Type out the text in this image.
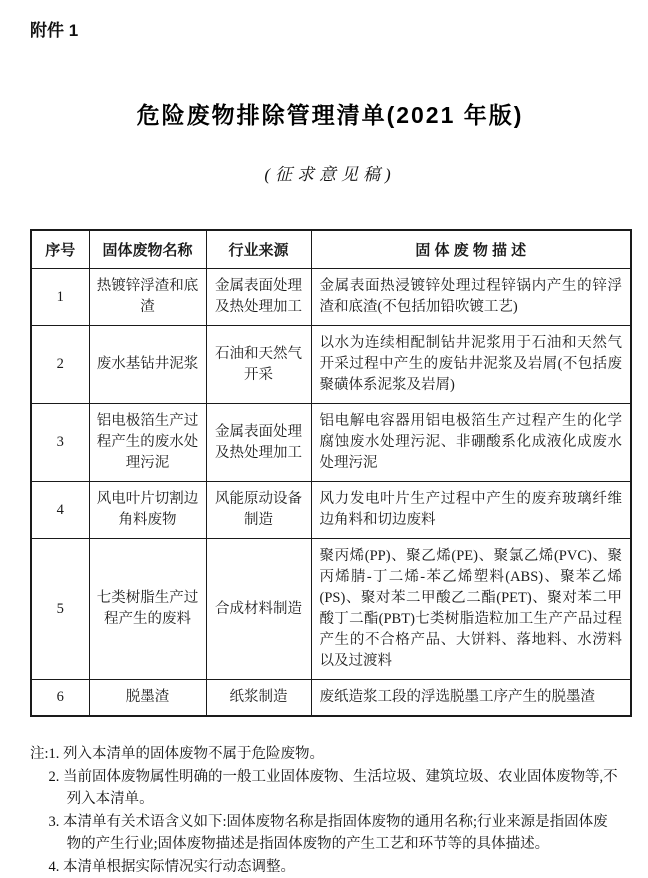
附件 1
危险废物排除管理清单(2021 年版)
(征求意见稿)
序号	固体废物名称	行业来源	固 体 废 物 描 述
1	热镀锌浮渣和底渣	金属表面处理及热处理加工	金属表面热浸镀锌处理过程锌锅内产生的锌浮渣和底渣(不包括加铅吹镀工艺)
2	废水基钻井泥浆	石油和天然气开采	以水为连续相配制钻井泥浆用于石油和天然气开采过程中产生的废钻井泥浆及岩屑(不包括废聚磺体系泥浆及岩屑)
3	铝电极箔生产过程产生的废水处理污泥	金属表面处理及热处理加工	铝电解电容器用铝电极箔生产过程产生的化学腐蚀废水处理污泥、非硼酸系化成液化成废水处理污泥
4	风电叶片切割边角料废物	风能原动设备制造	风力发电叶片生产过程中产生的废弃玻璃纤维边角料和切边废料
5	七类树脂生产过程产生的废料	合成材料制造	聚丙烯(PP)、聚乙烯(PE)、聚氯乙烯(PVC)、聚丙烯腈-丁二烯-苯乙烯塑料(ABS)、聚苯乙烯(PS)、聚对苯二甲酸乙二酯(PET)、聚对苯二甲酸丁二酯(PBT)七类树脂造粒加工生产产品过程产生的不合格产品、大饼料、落地料、水涝料以及过渡料
6	脱墨渣	纸浆制造	废纸造浆工段的浮选脱墨工序产生的脱墨渣
注: 1. 列入本清单的固体废物不属于危险废物。
2. 当前固体废物属性明确的一般工业固体废物、生活垃圾、建筑垃圾、农业固体废物等,不列入本清单。
3. 本清单有关术语含义如下:固体废物名称是指固体废物的通用名称;行业来源是指固体废物的产生行业;固体废物描述是指固体废物的产生工艺和环节等的具体描述。
4. 本清单根据实际情况实行动态调整。
